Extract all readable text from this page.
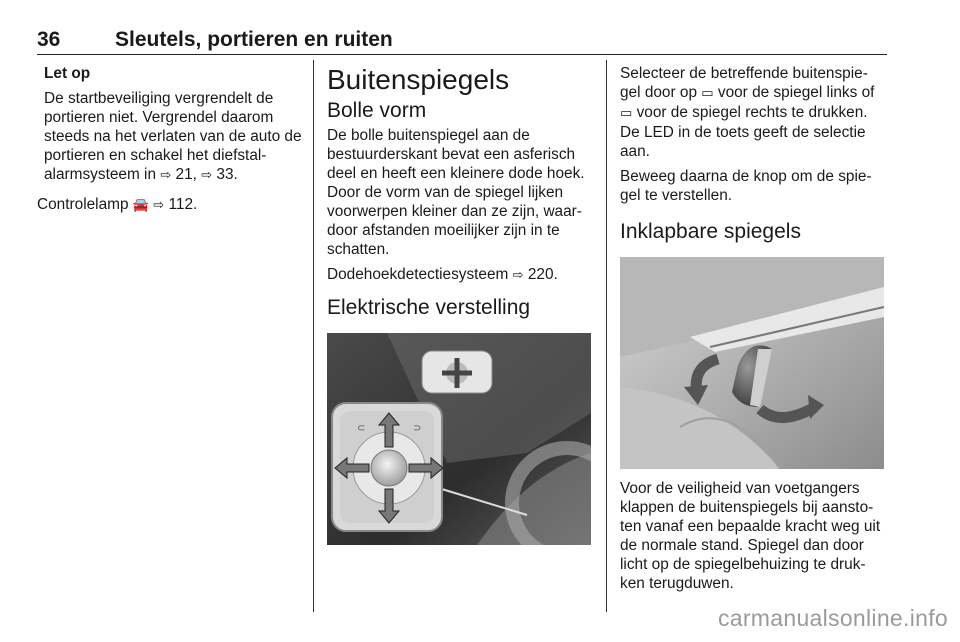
36	Sleutels, portieren en ruiten

Let op

De startbeveiliging vergrendelt de portieren niet. Vergrendel daarom steeds na het verlaten van de auto de portieren en schakel het diefstal-alarmsysteem in ⇨ 21, ⇨ 33.

Controlelamp 🚘 ⇨ 112.

Buitenspiegels
Bolle vorm

De bolle buitenspiegel aan de bestuurderskant bevat een asferisch deel en heeft een kleinere dode hoek. Door de vorm van de spiegel lijken voorwerpen kleiner dan ze zijn, waar-door afstanden moeilijker zijn in te schatten.

Dodehoekdetectiesysteem ⇨ 220.

Elektrische verstelling
⊂	⊃

Selecteer de betreffende buitenspie-gel door op ▭ voor de spiegel links of ▭ voor de spiegel rechts te drukken. De LED in de toets geeft de selectie aan.

Beweeg daarna de knop om de spie-gel te verstellen.

Inklapbare spiegels

Voor de veiligheid van voetgangers klappen de buitenspiegels bij aansto-ten vanaf een bepaalde kracht weg uit de normale stand. Spiegel dan door licht op de spiegelbehuizing te druk-ken terugduwen.

carmanualsonline.info
